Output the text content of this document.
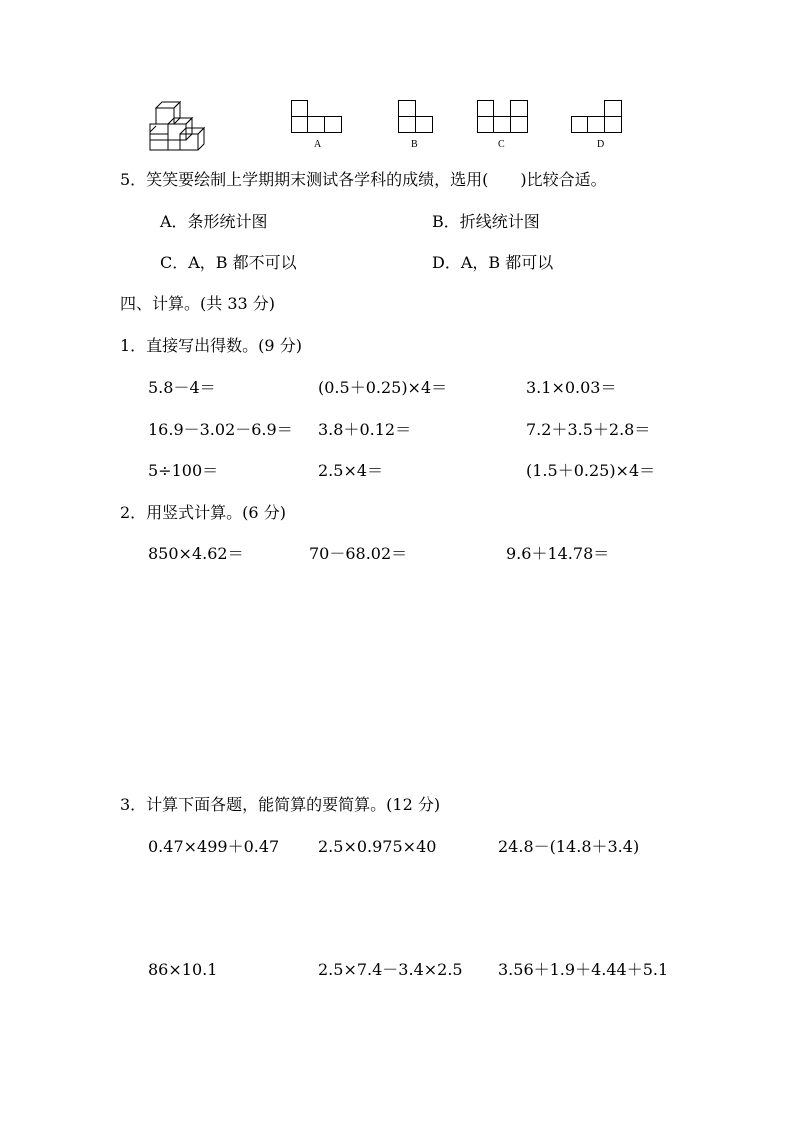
A	B	C	D
5．笑笑要绘制上学期期末测试各学科的成绩，选用(　　)比较合适。
A．条形统计图	B．折线统计图
C．A，B 都不可以	D．A，B 都可以
四、计算。(共 33 分)
1．直接写出得数。(9 分)
5.8－4＝	(0.5＋0.25)×4＝	3.1×0.03＝
16.9－3.02－6.9＝ 3.8＋0.12＝	7.2＋3.5＋2.8＝
5÷100＝	2.5×4＝	(1.5＋0.25)×4＝
2．用竖式计算。(6 分)
850×4.62＝	70－68.02＝	9.6＋14.78＝
3．计算下面各题，能简算的要简算。(12 分)
0.47×499＋0.47 2.5×0.975×40	24.8－(14.8＋3.4)
86×10.1	2.5×7.4－3.4×2.5 3.56＋1.9＋4.44＋5.1
